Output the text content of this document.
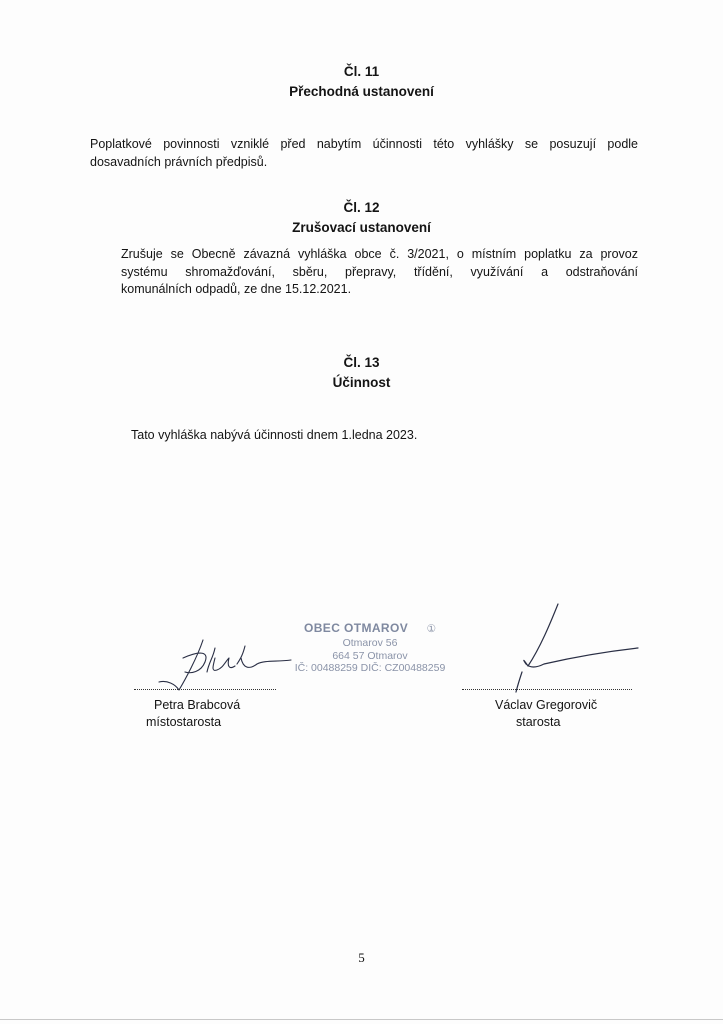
Čl. 11
Přechodná ustanovení

Poplatkové povinnosti vzniklé před nabytím účinnosti této vyhlášky se posuzují podle
dosavadních právních předpisů.

Čl. 12
Zrušovací ustanovení

Zrušuje se Obecně závazná vyhláška obce č. 3/2021, o místním poplatku za provoz
systému shromažďování, sběru, přepravy, třídění, využívání a odstraňování
komunálních odpadů, ze dne 15.12.2021.

Čl. 13
Účinnost

Tato vyhláška nabývá účinnosti dnem 1.ledna 2023.

OBEC OTMAROV ①
Otmarov 56
664 57 Otmarov
IČ: 00488259 DIČ: CZ00488259
Petra Brabcová
místostarosta
Václav Gregorovič
starosta
5
